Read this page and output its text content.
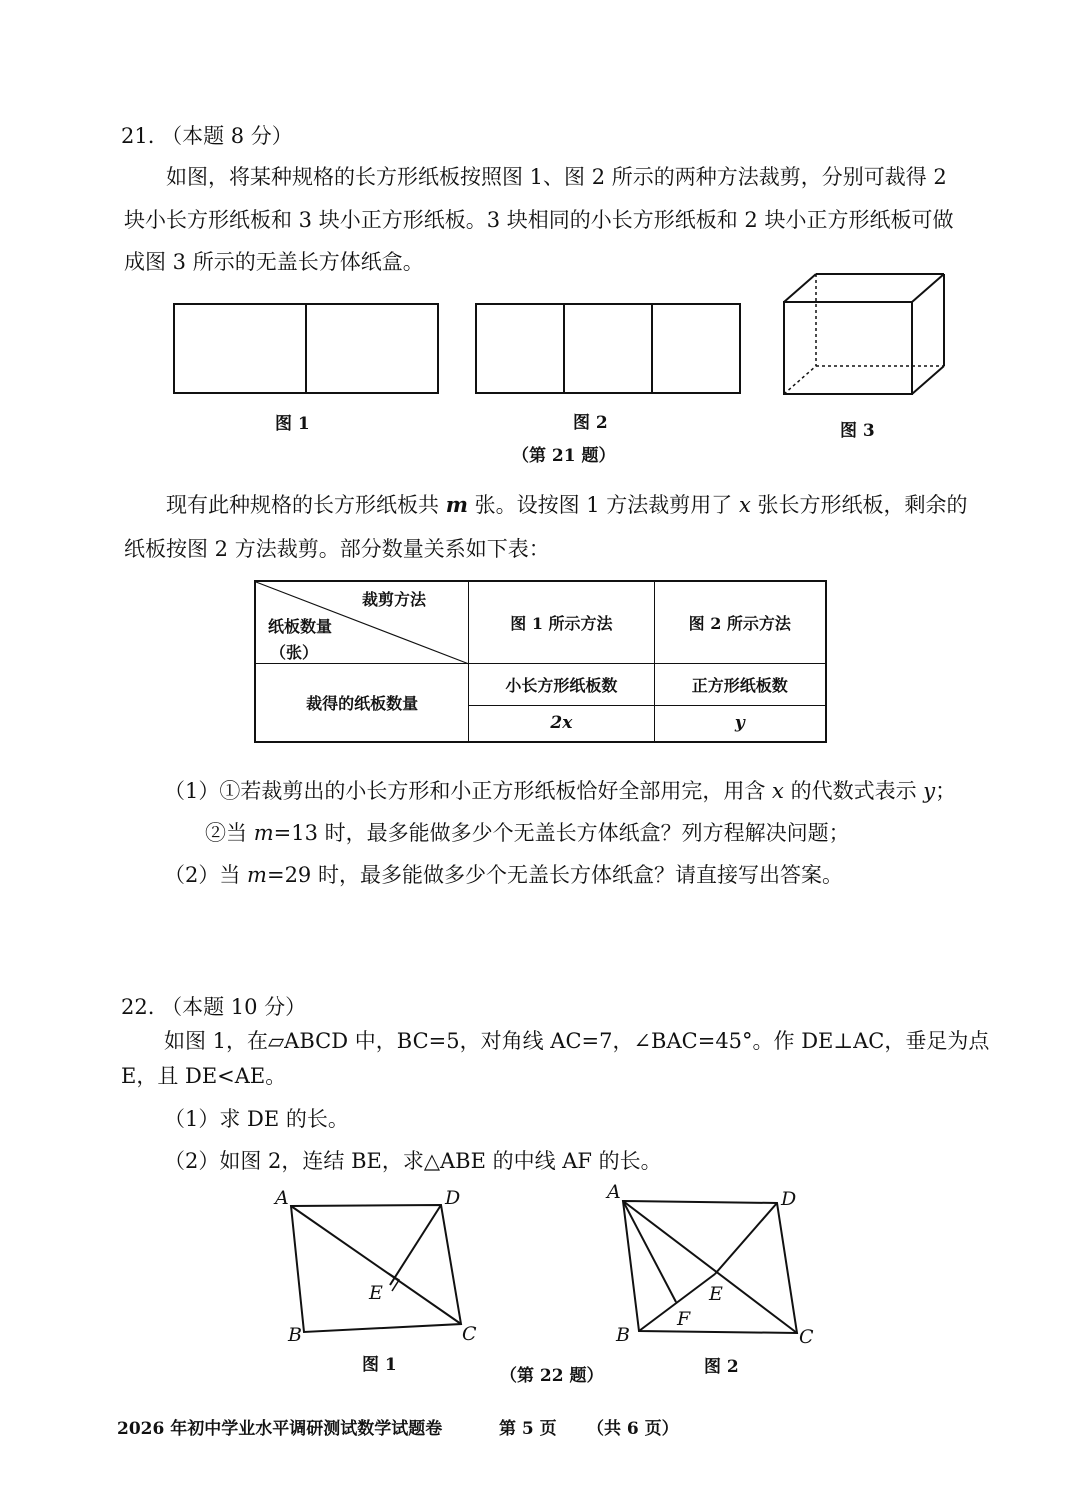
21. （本题 8 分）
如图，将某种规格的长方形纸板按照图 1、图 2 所示的两种方法裁剪，分别可裁得 2
块小长方形纸板和 3 块小正方形纸板。3 块相同的小长方形纸板和 2 块小正方形纸板可做
成图 3 所示的无盖长方体纸盒。
图 1	图 2	图 3
（第 21 题）
现有此种规格的长方形纸板共 m 张。设按图 1 方法裁剪用了 x 张长方形纸板，剩余的
纸板按图 2 方法裁剪。部分数量关系如下表：
裁剪方法
纸板数量
（张）	图 1 所示方法	图 2 所示方法
裁得的纸板数量	小长方形纸板数	正方形纸板数
	2x	y
（1）①若裁剪出的小长方形和小正方形纸板恰好全部用完，用含 x 的代数式表示 y；
②当 m=13 时，最多能做多少个无盖长方体纸盒？列方程解决问题；
（2）当 m=29 时，最多能做多少个无盖长方体纸盒？请直接写出答案。
22. （本题 10 分）
如图 1，在▱ABCD 中，BC=5，对角线 AC=7，∠BAC=45°。作 DE⊥AC，垂足为点
E，且 DE<AE。
（1）求 DE 的长。
（2）如图 2，连结 BE，求△ABE 的中线 AF 的长。
A	D
E
B	C
A	D
E
F
B	C
图 1	图 2
（第 22 题）
2026 年初中学业水平调研测试数学试题卷	第 5 页 （共 6 页）
